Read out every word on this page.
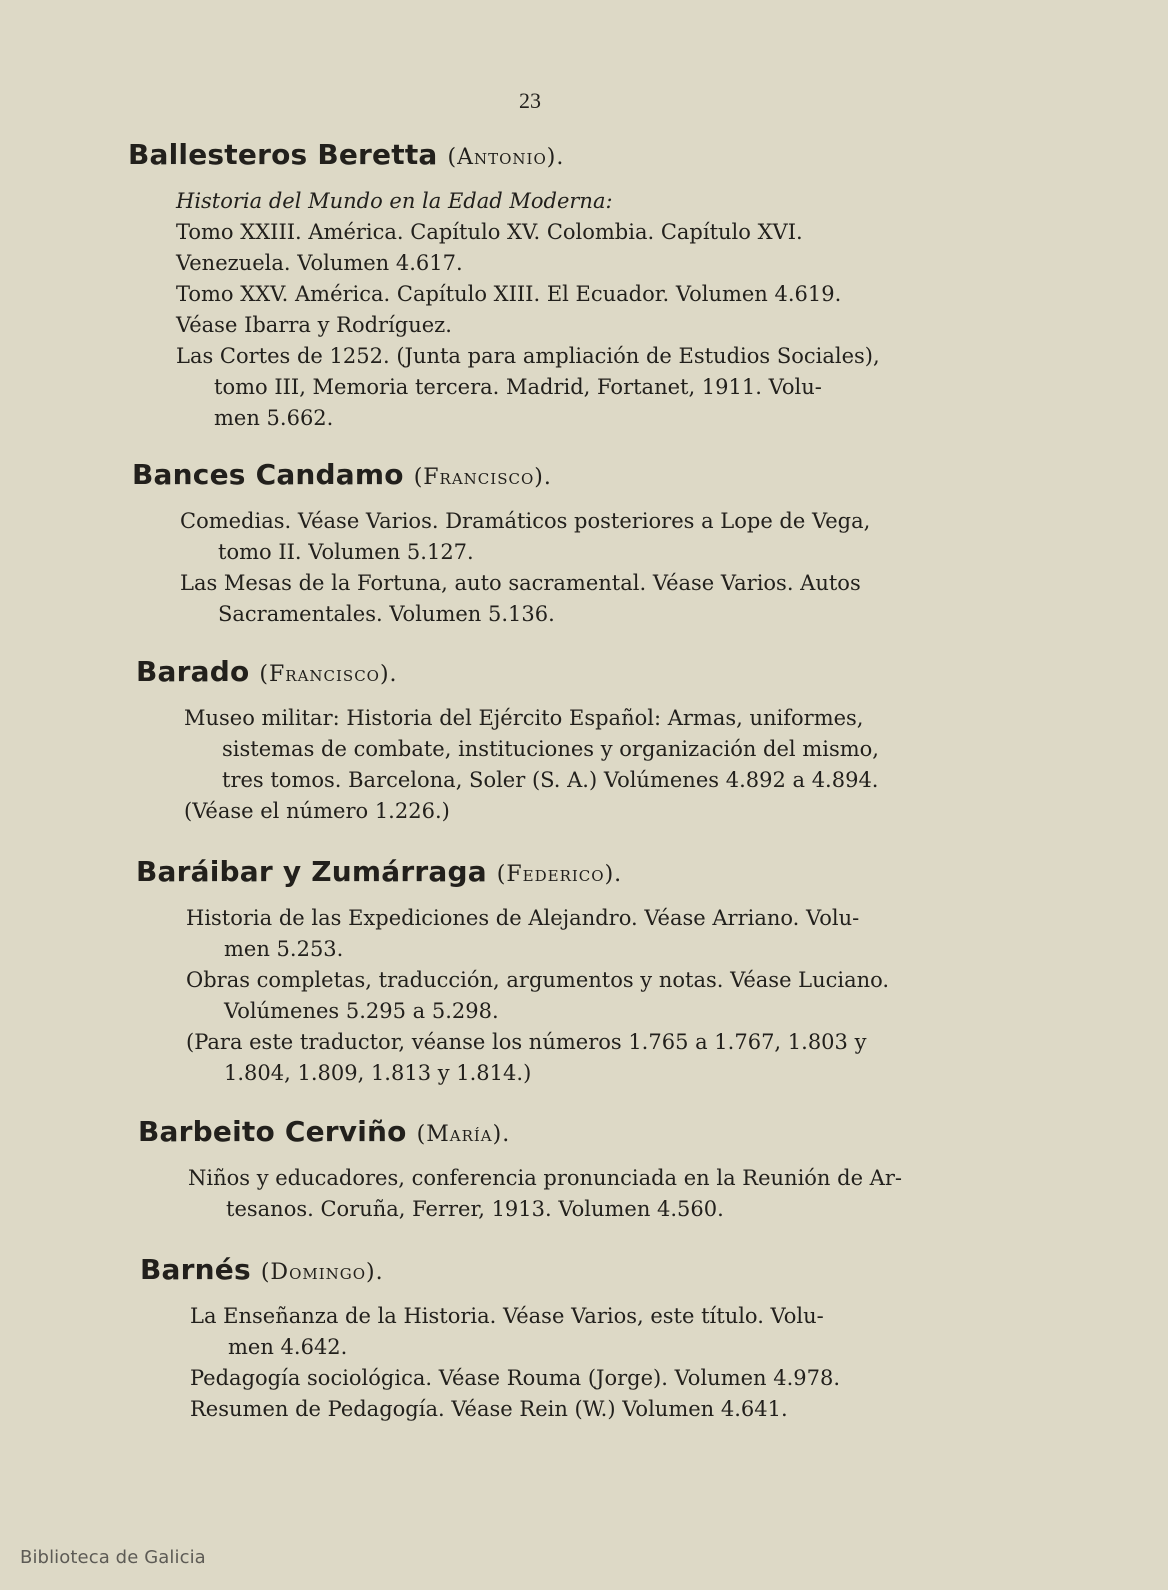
23
Ballesteros Beretta (Antonio).

Historia del Mundo en la Edad Moderna:

Tomo XXIII. América. Capítulo XV. Colombia. Capítulo XVI.

Venezuela. Volumen 4.617.

Tomo XXV. América. Capítulo XIII. El Ecuador. Volumen 4.619.

Véase Ibarra y Rodríguez.

Las Cortes de 1252. (Junta para ampliación de Estudios Sociales),

tomo III, Memoria tercera. Madrid, Fortanet, 1911. Volu-

men 5.662.

Bances Candamo (Francisco).

Comedias. Véase Varios. Dramáticos posteriores a Lope de Vega,

tomo II. Volumen 5.127.

Las Mesas de la Fortuna, auto sacramental. Véase Varios. Autos

Sacramentales. Volumen 5.136.

Barado (Francisco).

Museo militar: Historia del Ejército Español: Armas, uniformes,

sistemas de combate, instituciones y organización del mismo,

tres tomos. Barcelona, Soler (S. A.) Volúmenes 4.892 a 4.894.

(Véase el número 1.226.)

Baráibar y Zumárraga (Federico).

Historia de las Expediciones de Alejandro. Véase Arriano. Volu-

men 5.253.

Obras completas, traducción, argumentos y notas. Véase Luciano.

Volúmenes 5.295 a 5.298.

(Para este traductor, véanse los números 1.765 a 1.767, 1.803 y

1.804, 1.809, 1.813 y 1.814.)

Barbeito Cerviño (María).

Niños y educadores, conferencia pronunciada en la Reunión de Ar-

tesanos. Coruña, Ferrer, 1913. Volumen 4.560.

Barnés (Domingo).

La Enseñanza de la Historia. Véase Varios, este título. Volu-

men 4.642.

Pedagogía sociológica. Véase Rouma (Jorge). Volumen 4.978.

Resumen de Pedagogía. Véase Rein (W.) Volumen 4.641.

Biblioteca de Galicia
